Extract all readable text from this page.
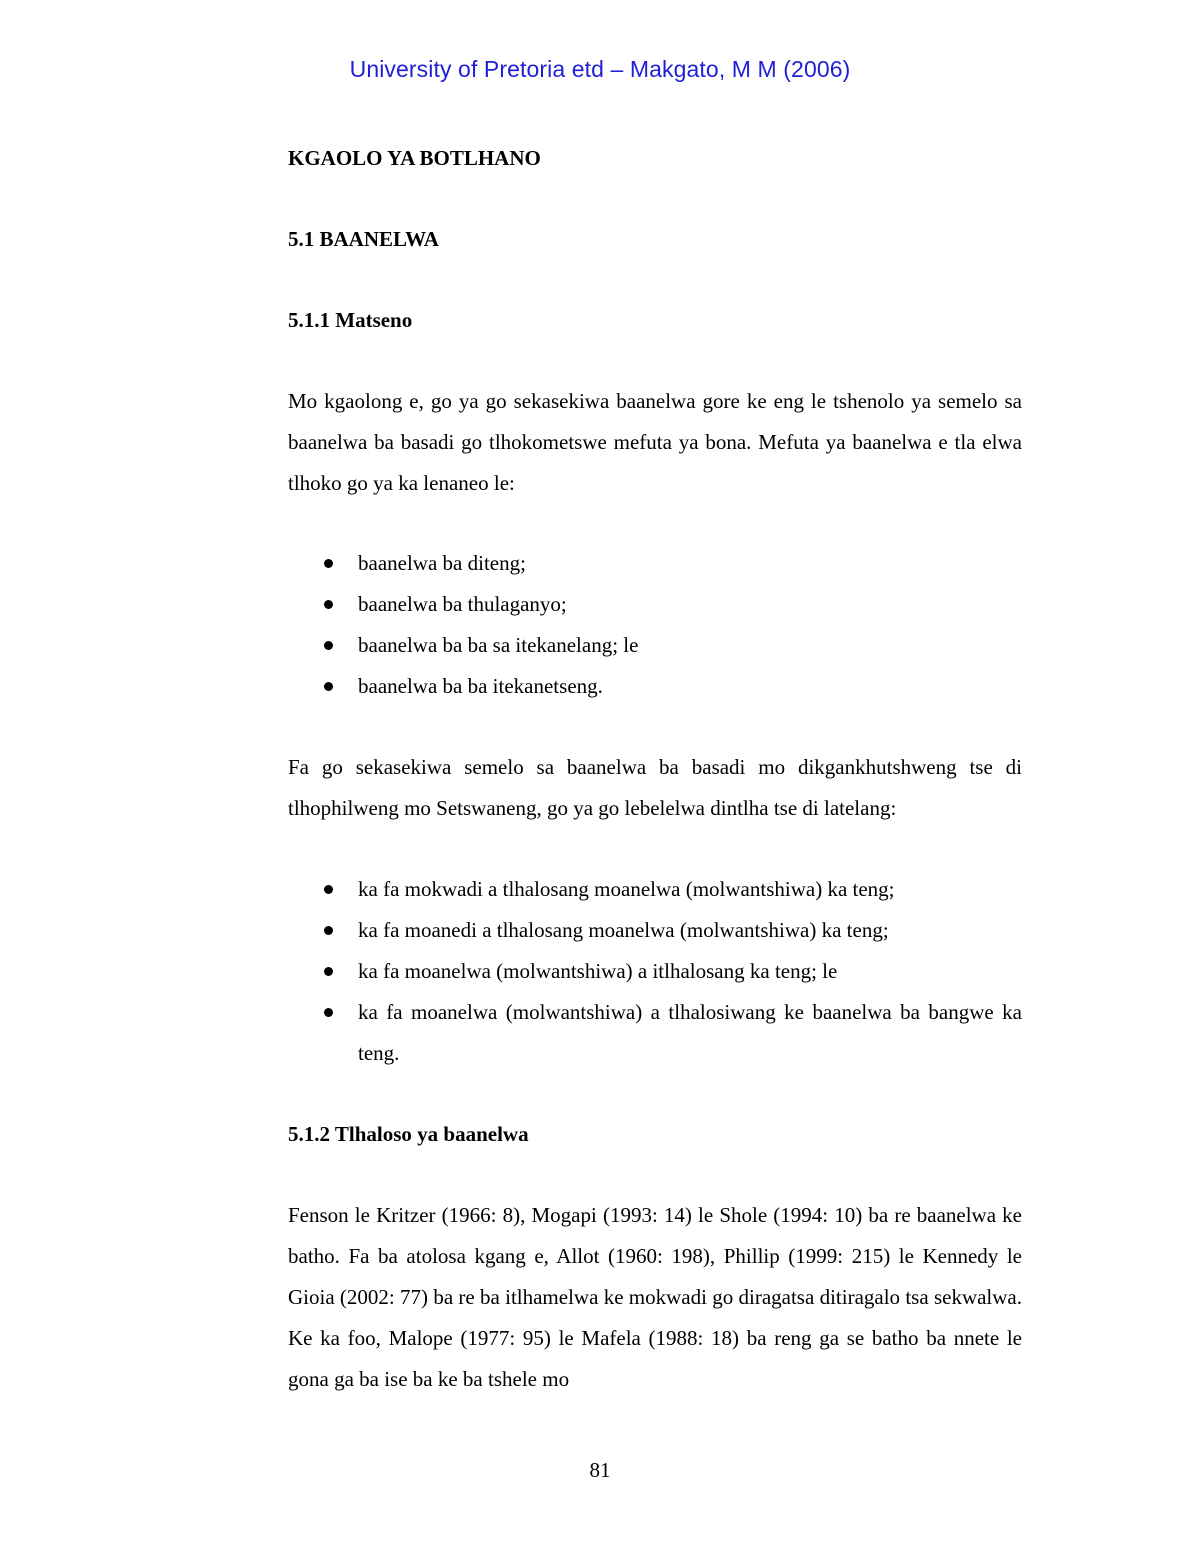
University of Pretoria etd – Makgato, M M (2006)

KGAOLO YA BOTLHANO

5.1 BAANELWA

5.1.1 Matseno

Mo kgaolong e, go ya go sekasekiwa baanelwa gore ke eng le tshenolo ya semelo sa baanelwa ba basadi go tlhokometswe mefuta ya bona. Mefuta ya baanelwa e tla elwa tlhoko go ya ka lenaneo le:

baanelwa ba diteng;
baanelwa ba thulaganyo;
baanelwa ba ba sa itekanelang; le
baanelwa ba ba itekanetseng.

Fa go sekasekiwa semelo sa baanelwa ba basadi mo dikgankhutshweng tse di tlhophilweng mo Setswaneng, go ya go lebelelwa dintlha tse di latelang:

ka fa mokwadi a tlhalosang moanelwa (molwantshiwa) ka teng;
ka fa moanedi a tlhalosang moanelwa (molwantshiwa) ka teng;
ka fa moanelwa (molwantshiwa) a itlhalosang ka teng; le
ka fa moanelwa (molwantshiwa) a tlhalosiwang ke baanelwa ba bangwe ka teng.

5.1.2 Tlhaloso ya baanelwa

Fenson le Kritzer (1966: 8), Mogapi (1993: 14) le Shole (1994: 10) ba re baanelwa ke batho. Fa ba atolosa kgang e, Allot (1960: 198), Phillip (1999: 215) le Kennedy le Gioia (2002: 77) ba re ba itlhamelwa ke mokwadi go diragatsa ditiragalo tsa sekwalwa. Ke ka foo, Malope (1977: 95) le Mafela (1988: 18) ba reng ga se batho ba nnete le gona ga ba ise ba ke ba tshele mo

81
